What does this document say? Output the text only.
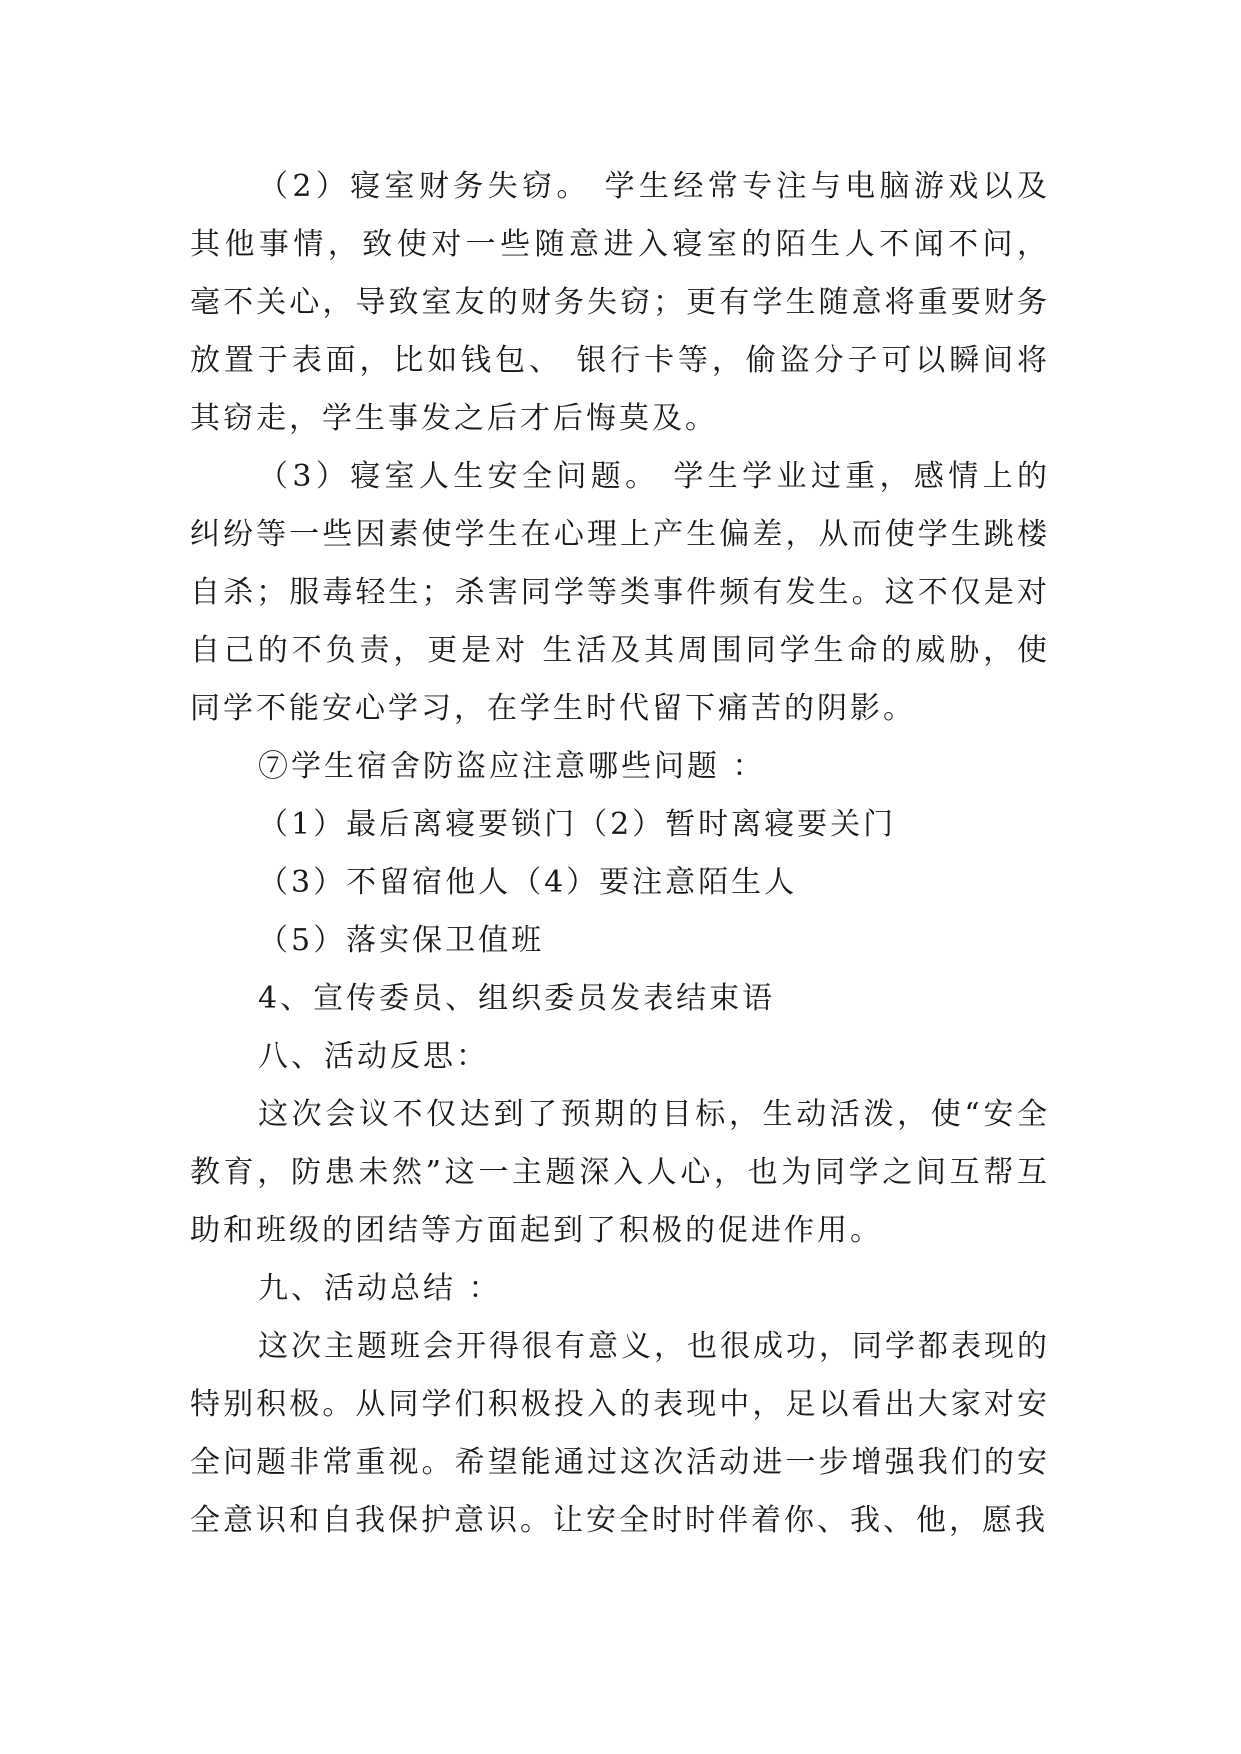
（2）寝室财务失窃。 学生经常专注与电脑游戏以及其他事情，致使对一些随意进入寝室的陌生人不闻不问， 毫不关心，导致室友的财务失窃；更有学生随意将重要财务放置于表面，比如钱包、 银行卡等，偷盗分子可以瞬间将其窃走，学生事发之后才后悔莫及。

（3）寝室人生安全问题。 学生学业过重，感情上的纠纷等一些因素使学生在心理上产生偏差，从而使学生跳楼自杀；服毒轻生；杀害同学等类事件频有发生。这不仅是对自己的不负责，更是对 生活及其周围同学生命的威胁，使同学不能安心学习，在学生时代留下痛苦的阴影。

⑦学生宿舍防盗应注意哪些问题 ：

（1）最后离寝要锁门（2）暂时离寝要关门

（3）不留宿他人（4）要注意陌生人

（5）落实保卫值班

4、宣传委员、组织委员发表结束语

八、活动反思：

这次会议不仅达到了预期的目标，生动活泼，使“安全教育，防患未然”这一主题深入人心，也为同学之间互帮互助和班级的团结等方面起到了积极的促进作用。

九、活动总结 ：

这次主题班会开得很有意义，也很成功，同学都表现的特别积极。从同学们积极投入的表现中，足以看出大家对安全问题非常重视。希望能通过这次活动进一步增强我们的安全意识和自我保护意识。让安全时时伴着你、我、他，愿我
